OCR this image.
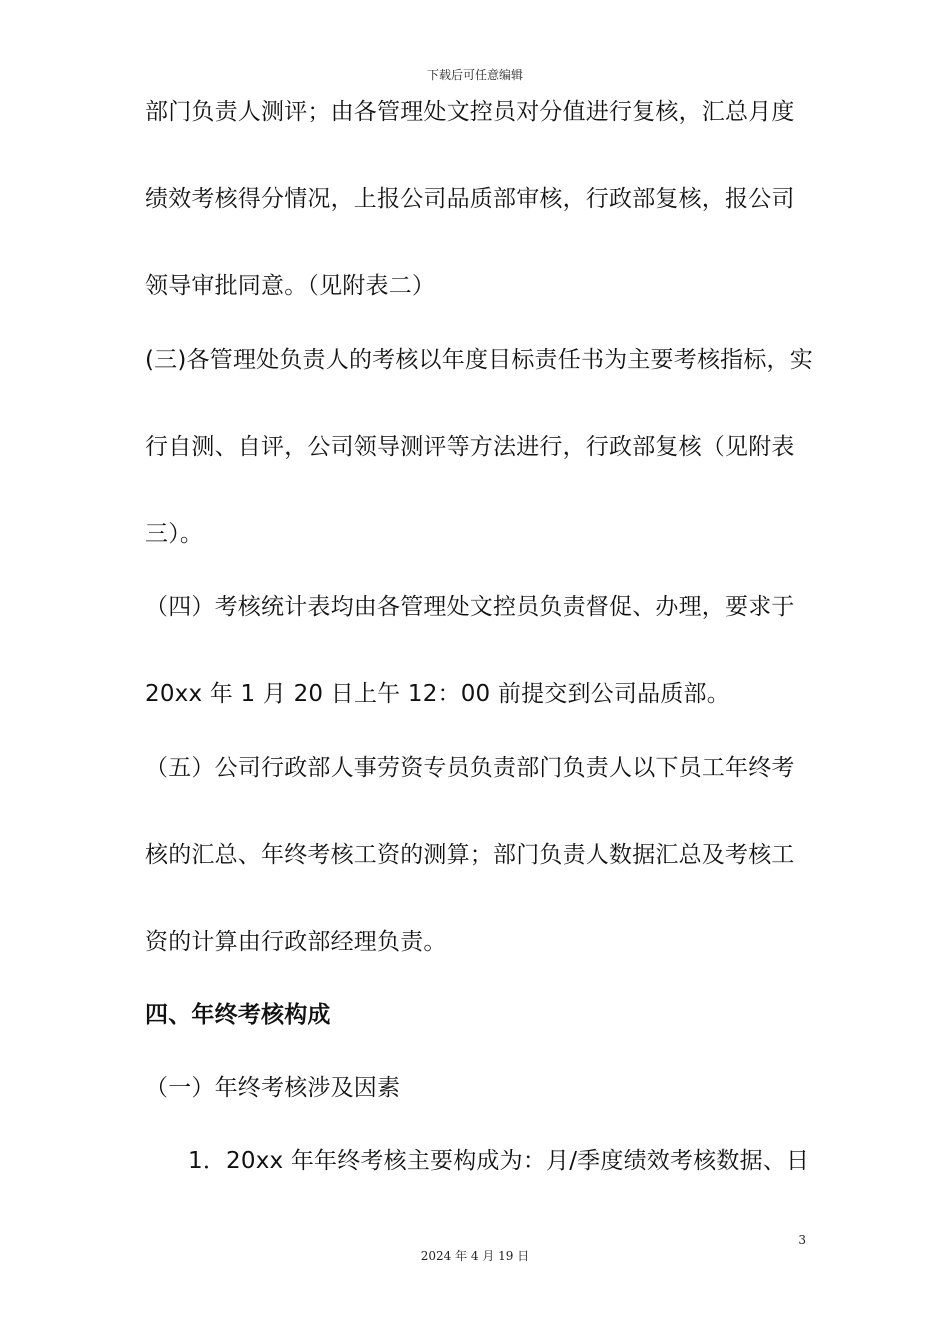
下载后可任意编辑
部门负责人测评；由各管理处文控员对分值进行复核，汇总月度
绩效考核得分情况，上报公司品质部审核，行政部复核，报公司
领导审批同意。（见附表二）
(三)各管理处负责人的考核以年度目标责任书为主要考核指标，实
行自测、自评，公司领导测评等方法进行，行政部复核（见附表
三）。
（四）考核统计表均由各管理处文控员负责督促、办理，要求于
20xx 年 1 月 20 日上午 12：00 前提交到公司品质部。
（五）公司行政部人事劳资专员负责部门负责人以下员工年终考
核的汇总、年终考核工资的测算；部门负责人数据汇总及考核工
资的计算由行政部经理负责。
四、年终考核构成
（一）年终考核涉及因素
1．20xx 年年终考核主要构成为：月/季度绩效考核数据、日
3
2024 年 4 月 19 日
